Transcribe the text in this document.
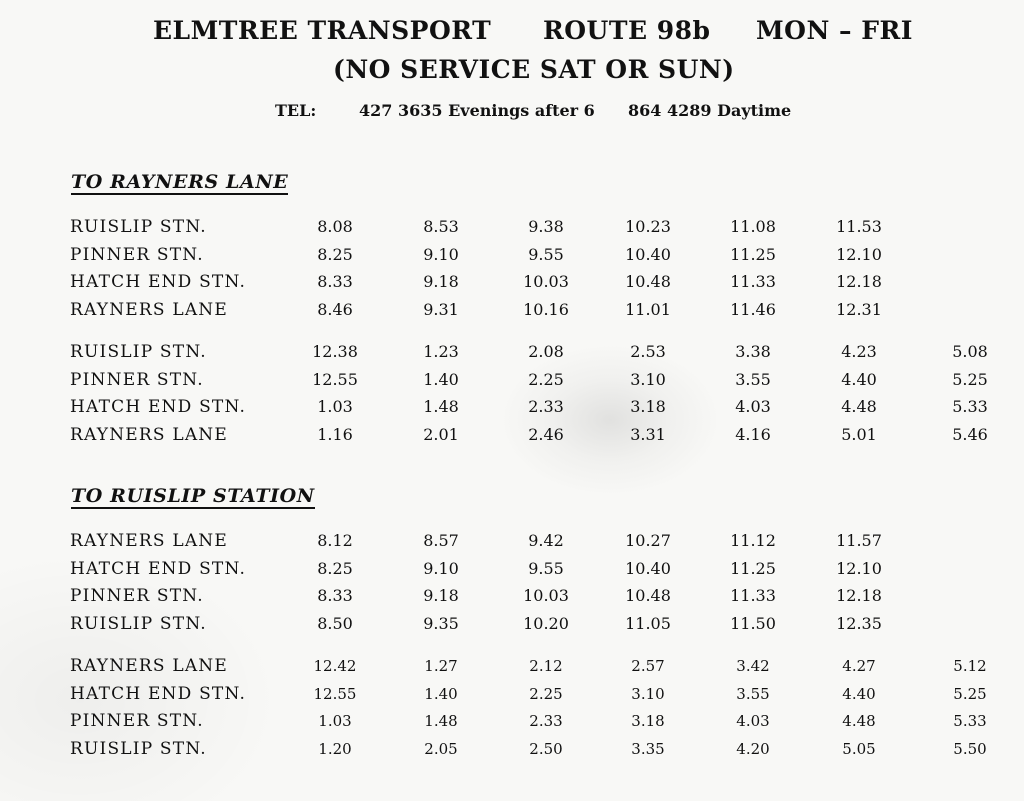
ELMTREE TRANSPORT ROUTE 98b MON – FRI
(NO SERVICE SAT OR SUN)
TEL:	427 3635 Evenings after 6 864 4289 Daytime
TO RAYNERS LANE
RUISLIP STN.	8.08	8.53	9.38	10.23	11.08	11.53
PINNER STN.	8.25	9.10	9.55	10.40	11.25	12.10
HATCH END STN.	8.33	9.18	10.03	10.48	11.33	12.18
RAYNERS LANE	8.46	9.31	10.16	11.01	11.46	12.31
RUISLIP STN.	12.38	1.23	2.08	2.53	3.38	4.23	5.08
PINNER STN.	12.55	1.40	2.25	3.10	3.55	4.40	5.25
HATCH END STN.	1.03	1.48	2.33	3.18	4.03	4.48	5.33
RAYNERS LANE	1.16	2.01	2.46	3.31	4.16	5.01	5.46
TO RUISLIP STATION
RAYNERS LANE	8.12	8.57	9.42	10.27	11.12	11.57
HATCH END STN.	8.25	9.10	9.55	10.40	11.25	12.10
PINNER STN.	8.33	9.18	10.03	10.48	11.33	12.18
RUISLIP STN.	8.50	9.35	10.20	11.05	11.50	12.35
RAYNERS LANE	12.42	1.27	2.12	2.57	3.42	4.27	5.12
HATCH END STN.	12.55	1.40	2.25	3.10	3.55	4.40	5.25
PINNER STN.	1.03	1.48	2.33	3.18	4.03	4.48	5.33
RUISLIP STN.	1.20	2.05	2.50	3.35	4.20	5.05	5.50
